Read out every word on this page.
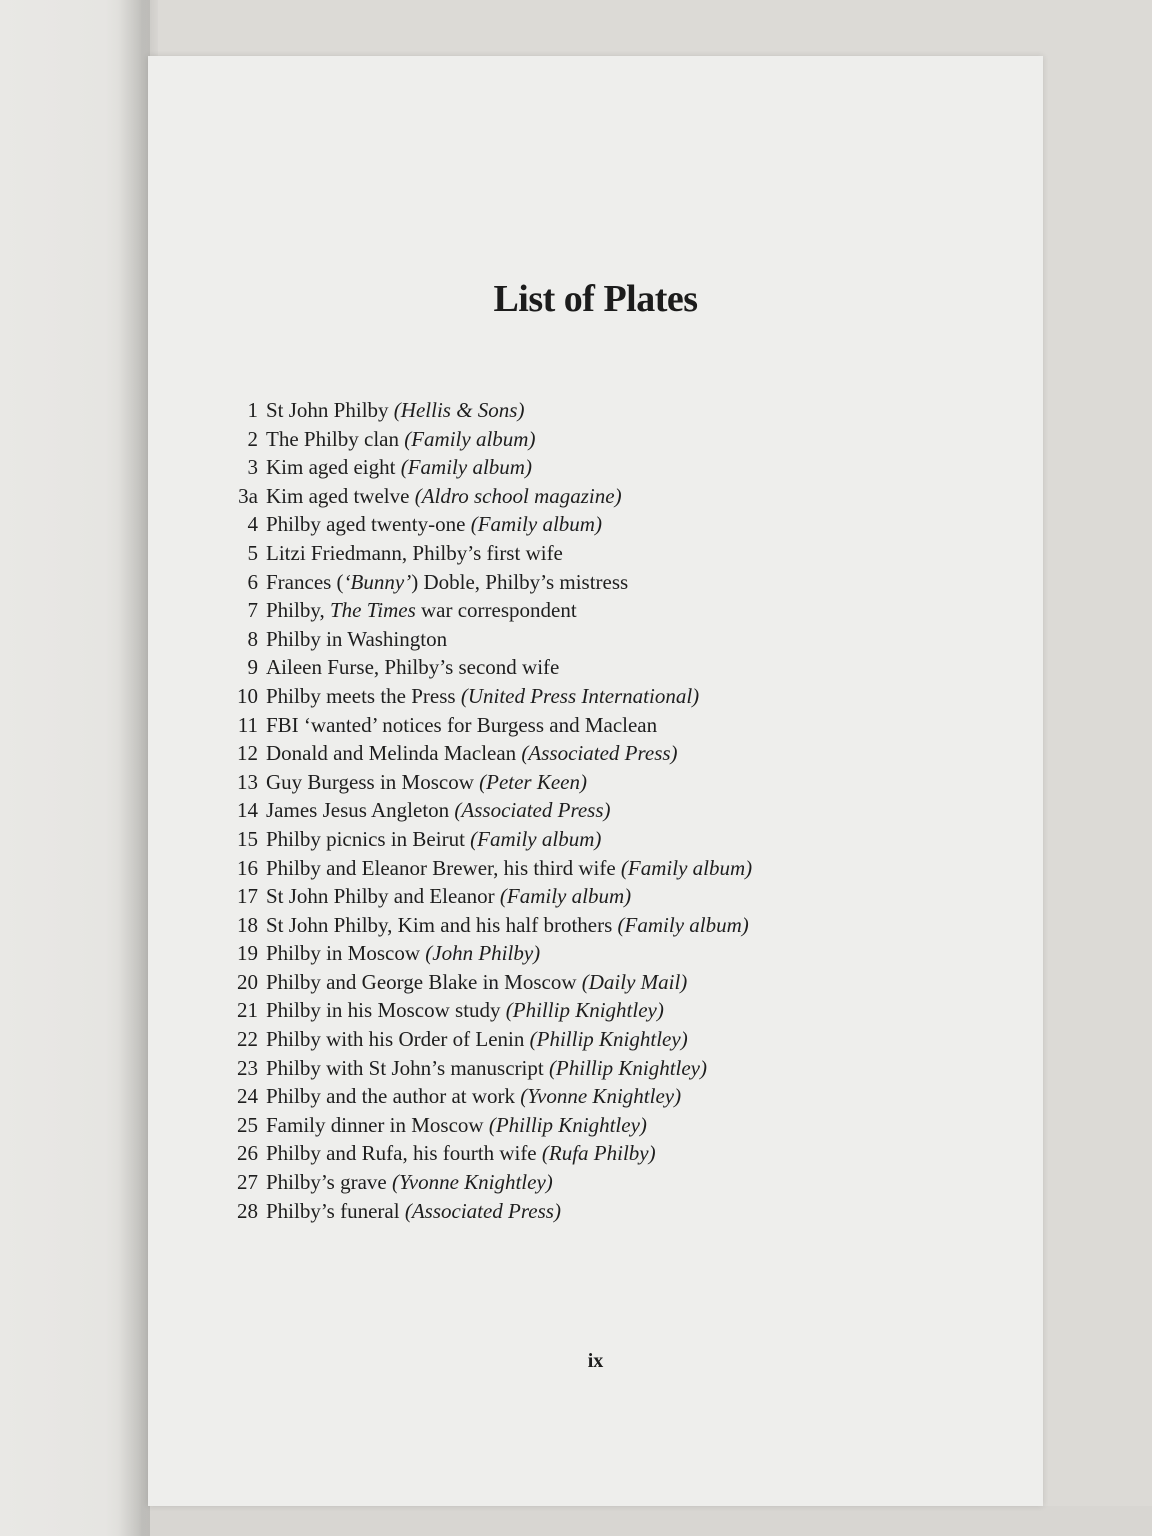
List of Plates
1 St John Philby (Hellis & Sons)
2 The Philby clan (Family album)
3 Kim aged eight (Family album)
3a Kim aged twelve (Aldro school magazine)
4 Philby aged twenty-one (Family album)
5 Litzi Friedmann, Philby’s first wife
6 Frances (‘Bunny’) Doble, Philby’s mistress
7 Philby, The Times war correspondent
8 Philby in Washington
9 Aileen Furse, Philby’s second wife
10 Philby meets the Press (United Press International)
11 FBI ‘wanted’ notices for Burgess and Maclean
12 Donald and Melinda Maclean (Associated Press)
13 Guy Burgess in Moscow (Peter Keen)
14 James Jesus Angleton (Associated Press)
15 Philby picnics in Beirut (Family album)
16 Philby and Eleanor Brewer, his third wife (Family album)
17 St John Philby and Eleanor (Family album)
18 St John Philby, Kim and his half brothers (Family album)
19 Philby in Moscow (John Philby)
20 Philby and George Blake in Moscow (Daily Mail)
21 Philby in his Moscow study (Phillip Knightley)
22 Philby with his Order of Lenin (Phillip Knightley)
23 Philby with St John’s manuscript (Phillip Knightley)
24 Philby and the author at work (Yvonne Knightley)
25 Family dinner in Moscow (Phillip Knightley)
26 Philby and Rufa, his fourth wife (Rufa Philby)
27 Philby’s grave (Yvonne Knightley)
28 Philby’s funeral (Associated Press)
ix
